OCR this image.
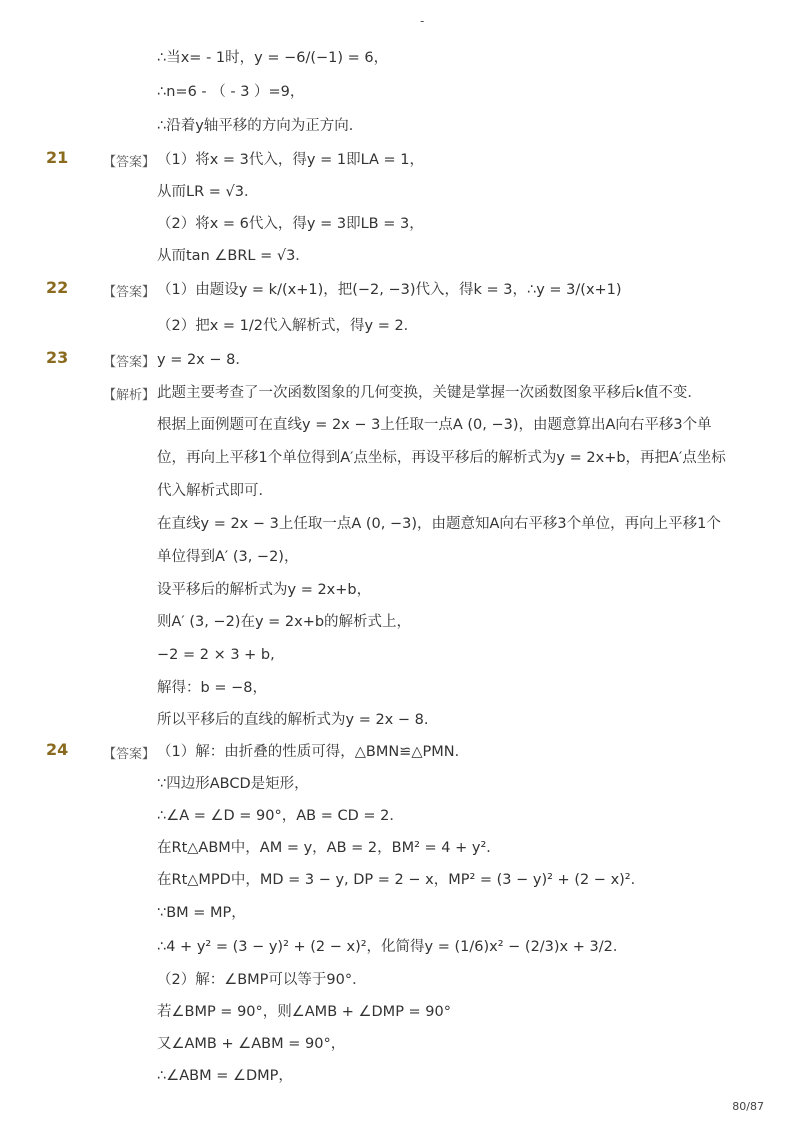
-
∴当x= - 1时，y = −6/(−1) = 6，
∴n=6 - （ - 3 ）=9，
∴沿着y轴平移的方向为正方向．
（1）将x = 3代入，得y = 1即LA = 1，
从而LR = √3．
（2）将x = 6代入，得y = 3即LB = 3，
从而tan ∠BRL = √3．
（1）由题设y = k/(x+1)，把(−2, −3)代入，得k = 3，∴y = 3/(x+1)
（2）把x = 1/2代入解析式，得y = 2．
y = 2x − 8．
此题主要考查了一次函数图象的几何变换，关键是掌握一次函数图象平移后k值不变．
根据上面例题可在直线y = 2x − 3上任取一点A (0, −3)，由题意算出A向右平移3个单
位，再向上平移1个单位得到A′点坐标，再设平移后的解析式为y = 2x+b，再把A′点坐标
代入解析式即可．
在直线y = 2x − 3上任取一点A (0, −3)，由题意知A向右平移3个单位，再向上平移1个
单位得到A′ (3, −2)，
设平移后的解析式为y = 2x+b，
则A′ (3, −2)在y = 2x+b的解析式上，
−2 = 2 × 3 + b,
解得：b = −8，
所以平移后的直线的解析式为y = 2x − 8.
（1）解：由折叠的性质可得，△BMN≌△PMN．
∵四边形ABCD是矩形，
∴∠A = ∠D = 90°，AB = CD = 2．
在Rt△ABM中，AM = y，AB = 2，BM² = 4 + y²．
在Rt△MPD中，MD = 3 − y, DP = 2 − x，MP² = (3 − y)² + (2 − x)²．
∵BM = MP，
∴4 + y² = (3 − y)² + (2 − x)²，化简得y = (1/6)x² − (2/3)x + 3/2．
（2）解：∠BMP可以等于90°．
若∠BMP = 90°，则∠AMB + ∠DMP = 90°
又∠AMB + ∠ABM = 90°，
∴∠ABM = ∠DMP，
21
22
23
24
【答案】
【答案】
【答案】
【解析】
【答案】
80/87
